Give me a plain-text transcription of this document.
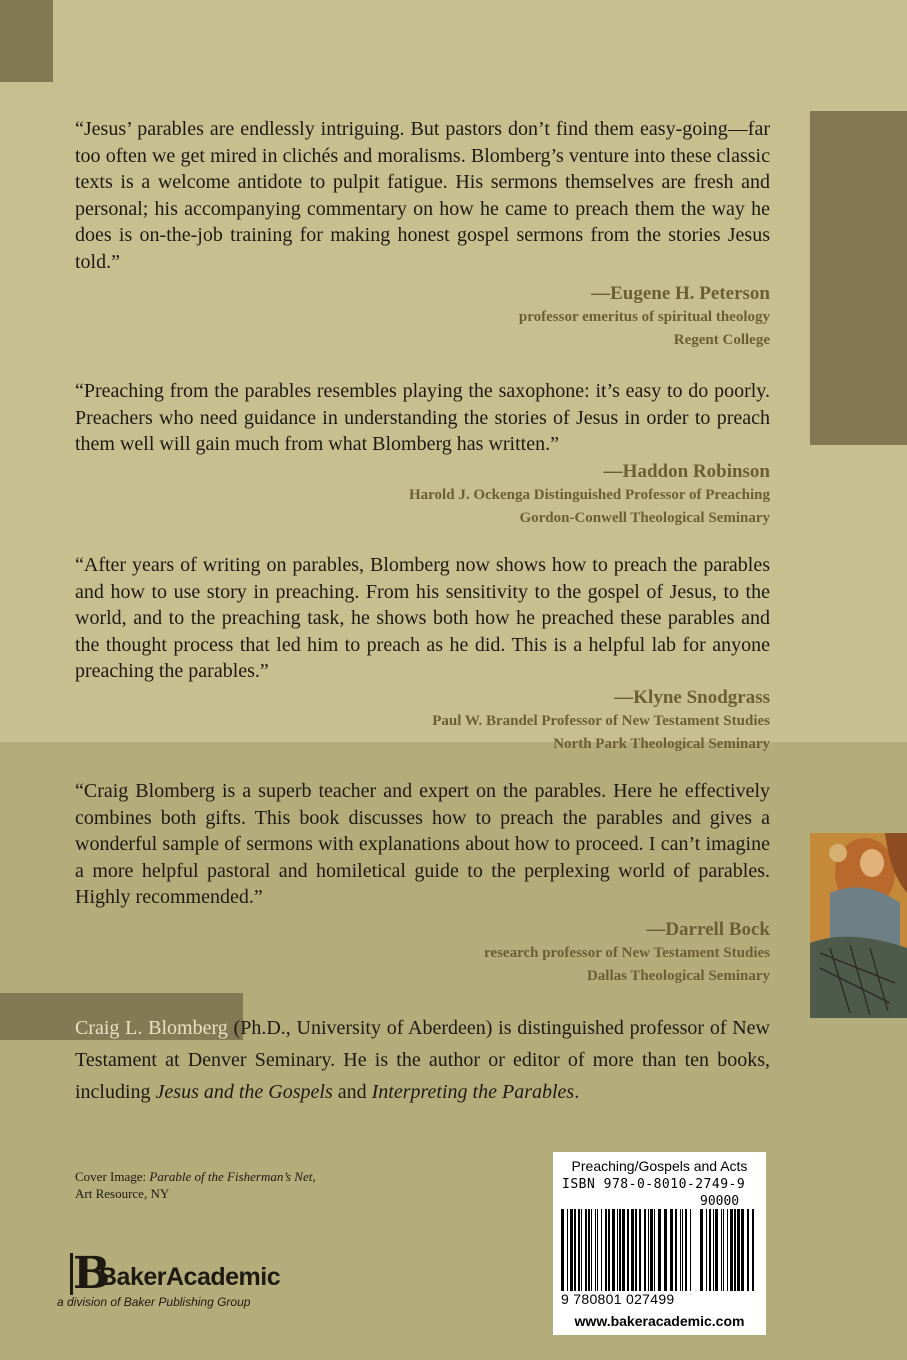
“Jesus’ parables are endlessly intriguing. But pastors don’t find them easy-going—far too often we get mired in clichés and moralisms. Blomberg’s venture into these classic texts is a welcome antidote to pulpit fatigue. His sermons themselves are fresh and personal; his accompanying commentary on how he came to preach them the way he does is on-the-job training for making honest gospel sermons from the stories Jesus told.”
—Eugene H. Peterson
professor emeritus of spiritual theology
Regent College
“Preaching from the parables resembles playing the saxophone: it’s easy to do poorly. Preachers who need guidance in understanding the stories of Jesus in order to preach them well will gain much from what Blomberg has written.”
—Haddon Robinson
Harold J. Ockenga Distinguished Professor of Preaching
Gordon-Conwell Theological Seminary
“After years of writing on parables, Blomberg now shows how to preach the parables and how to use story in preaching. From his sensitivity to the gospel of Jesus, to the world, and to the preaching task, he shows both how he preached these parables and the thought process that led him to preach as he did. This is a helpful lab for anyone preaching the parables.”
—Klyne Snodgrass
Paul W. Brandel Professor of New Testament Studies
North Park Theological Seminary
“Craig Blomberg is a superb teacher and expert on the parables. Here he effectively combines both gifts. This book discusses how to preach the parables and gives a wonderful sample of sermons with explanations about how to proceed. I can’t imagine a more helpful pastoral and homiletical guide to the perplexing world of parables. Highly recommended.”
—Darrell Bock
research professor of New Testament Studies
Dallas Theological Seminary
Craig L. Blomberg (Ph.D., University of Aberdeen) is distinguished professor of New Testament at Denver Seminary. He is the author or editor of more than ten books, including Jesus and the Gospels and Interpreting the Parables.
Cover Image: Parable of the Fisherman’s Net,
Art Resource, NY
B
BakerAcademic
a division of Baker Publishing Group
Preaching/Gospels and Acts
ISBN 978-0-8010-2749-9
90000
9 780801 027499
www.bakeracademic.com
